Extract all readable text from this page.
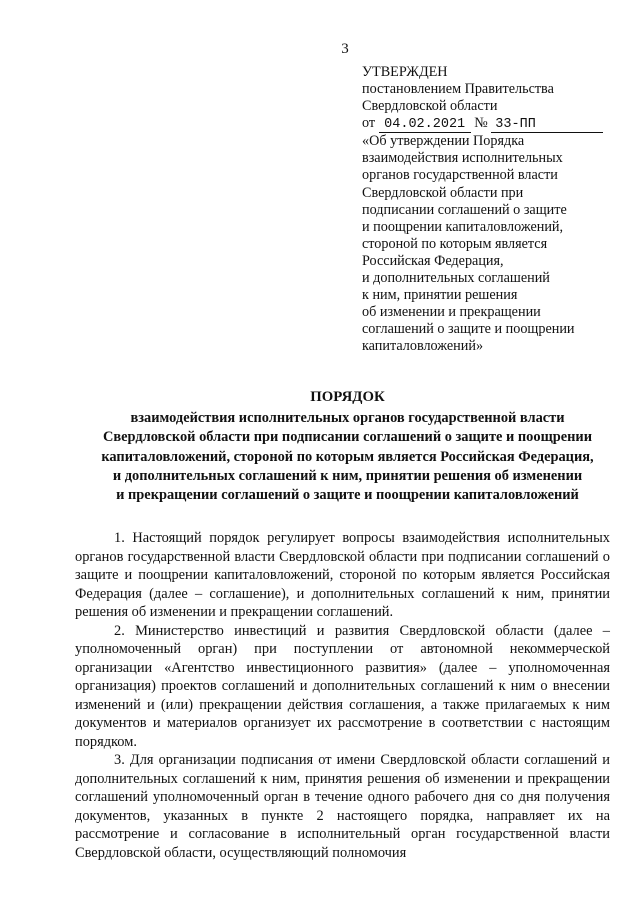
3
УТВЕРЖДЕН
постановлением Правительства
Свердловской области
от 04.02.2021 № 33-ПП
«Об утверждении Порядка
взаимодействия исполнительных
органов государственной власти
Свердловской области при
подписании соглашений о защите
и поощрении капиталовложений,
стороной по которым является
Российская Федерация,
и дополнительных соглашений
к ним, принятии решения
об изменении и прекращении
соглашений о защите и поощрении
капиталовложений»
ПОРЯДОК
взаимодействия исполнительных органов государственной власти
Свердловской области при подписании соглашений о защите и поощрении
капиталовложений, стороной по которым является Российская Федерация,
и дополнительных соглашений к ним, принятии решения об изменении
и прекращении соглашений о защите и поощрении капиталовложений

1. Настоящий порядок регулирует вопросы взаимодействия исполнительных органов государственной власти Свердловской области при подписании соглашений о защите и поощрении капиталовложений, стороной по которым является Российская Федерация (далее – соглашение), и дополнительных соглашений к ним, принятии решения об изменении и прекращении соглашений.

2. Министерство инвестиций и развития Свердловской области (далее – уполномоченный орган) при поступлении от автономной некоммерческой организации «Агентство инвестиционного развития» (далее – уполномоченная организация) проектов соглашений и дополнительных соглашений к ним о внесении изменений и (или) прекращении действия соглашения, а также прилагаемых к ним документов и материалов организует их рассмотрение в соответствии с настоящим порядком.

3. Для организации подписания от имени Свердловской области соглашений и дополнительных соглашений к ним, принятия решения об изменении и прекращении соглашений уполномоченный орган в течение одного рабочего дня со дня получения документов, указанных в пункте 2 настоящего порядка, направляет их на рассмотрение и согласование в исполнительный орган государственной власти Свердловской области, осуществляющий полномочия
